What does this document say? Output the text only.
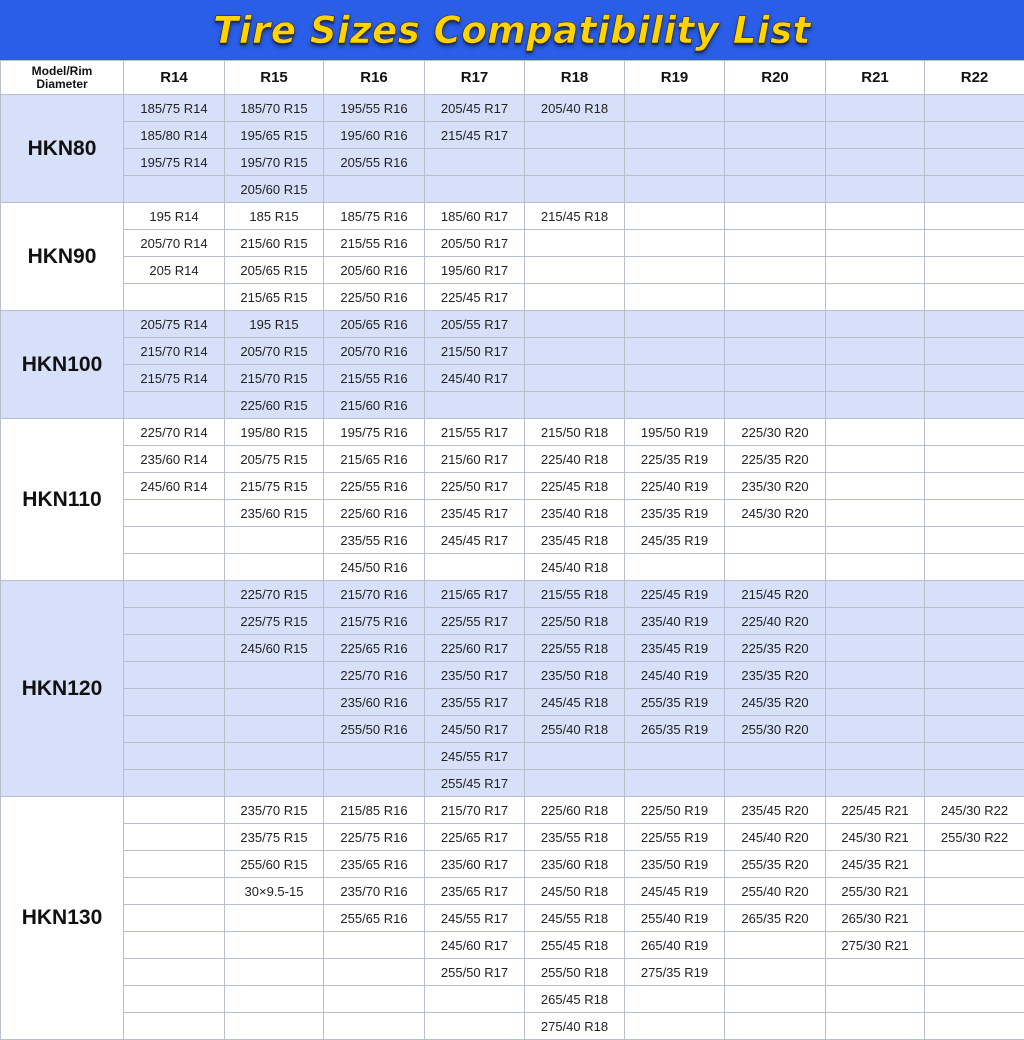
Tire Sizes Compatibility List
Model/Rim
Diameter	R14	R15	R16	R17	R18	R19	R20	R21	R22
HKN80	185/75 R14	185/70 R15	195/55 R16	205/45 R17	205/40 R18				
	185/80 R14	195/65 R15	195/60 R16	215/45 R17					
	195/75 R14	195/70 R15	205/55 R16						
		205/60 R15							
HKN90	195 R14	185 R15	185/75 R16	185/60 R17	215/45 R18				
	205/70 R14	215/60 R15	215/55 R16	205/50 R17					
	205 R14	205/65 R15	205/60 R16	195/60 R17					
		215/65 R15	225/50 R16	225/45 R17					
HKN100	205/75 R14	195 R15	205/65 R16	205/55 R17					
	215/70 R14	205/70 R15	205/70 R16	215/50 R17					
	215/75 R14	215/70 R15	215/55 R16	245/40 R17					
		225/60 R15	215/60 R16						
HKN110	225/70 R14	195/80 R15	195/75 R16	215/55 R17	215/50 R18	195/50 R19	225/30 R20		
	235/60 R14	205/75 R15	215/65 R16	215/60 R17	225/40 R18	225/35 R19	225/35 R20		
	245/60 R14	215/75 R15	225/55 R16	225/50 R17	225/45 R18	225/40 R19	235/30 R20		
		235/60 R15	225/60 R16	235/45 R17	235/40 R18	235/35 R19	245/30 R20		
			235/55 R16	245/45 R17	235/45 R18	245/35 R19			
			245/50 R16		245/40 R18				
HKN120		225/70 R15	215/70 R16	215/65 R17	215/55 R18	225/45 R19	215/45 R20		
		225/75 R15	215/75 R16	225/55 R17	225/50 R18	235/40 R19	225/40 R20		
		245/60 R15	225/65 R16	225/60 R17	225/55 R18	235/45 R19	225/35 R20		
			225/70 R16	235/50 R17	235/50 R18	245/40 R19	235/35 R20		
			235/60 R16	235/55 R17	245/45 R18	255/35 R19	245/35 R20		
			255/50 R16	245/50 R17	255/40 R18	265/35 R19	255/30 R20		
				245/55 R17					
				255/45 R17					
HKN130		235/70 R15	215/85 R16	215/70 R17	225/60 R18	225/50 R19	235/45 R20	225/45 R21	245/30 R22
		235/75 R15	225/75 R16	225/65 R17	235/55 R18	225/55 R19	245/40 R20	245/30 R21	255/30 R22
		255/60 R15	235/65 R16	235/60 R17	235/60 R18	235/50 R19	255/35 R20	245/35 R21	
		30×9.5-15	235/70 R16	235/65 R17	245/50 R18	245/45 R19	255/40 R20	255/30 R21	
			255/65 R16	245/55 R17	245/55 R18	255/40 R19	265/35 R20	265/30 R21	
				245/60 R17	255/45 R18	265/40 R19		275/30 R21	
				255/50 R17	255/50 R18	275/35 R19			
					265/45 R18				
					275/40 R18				
